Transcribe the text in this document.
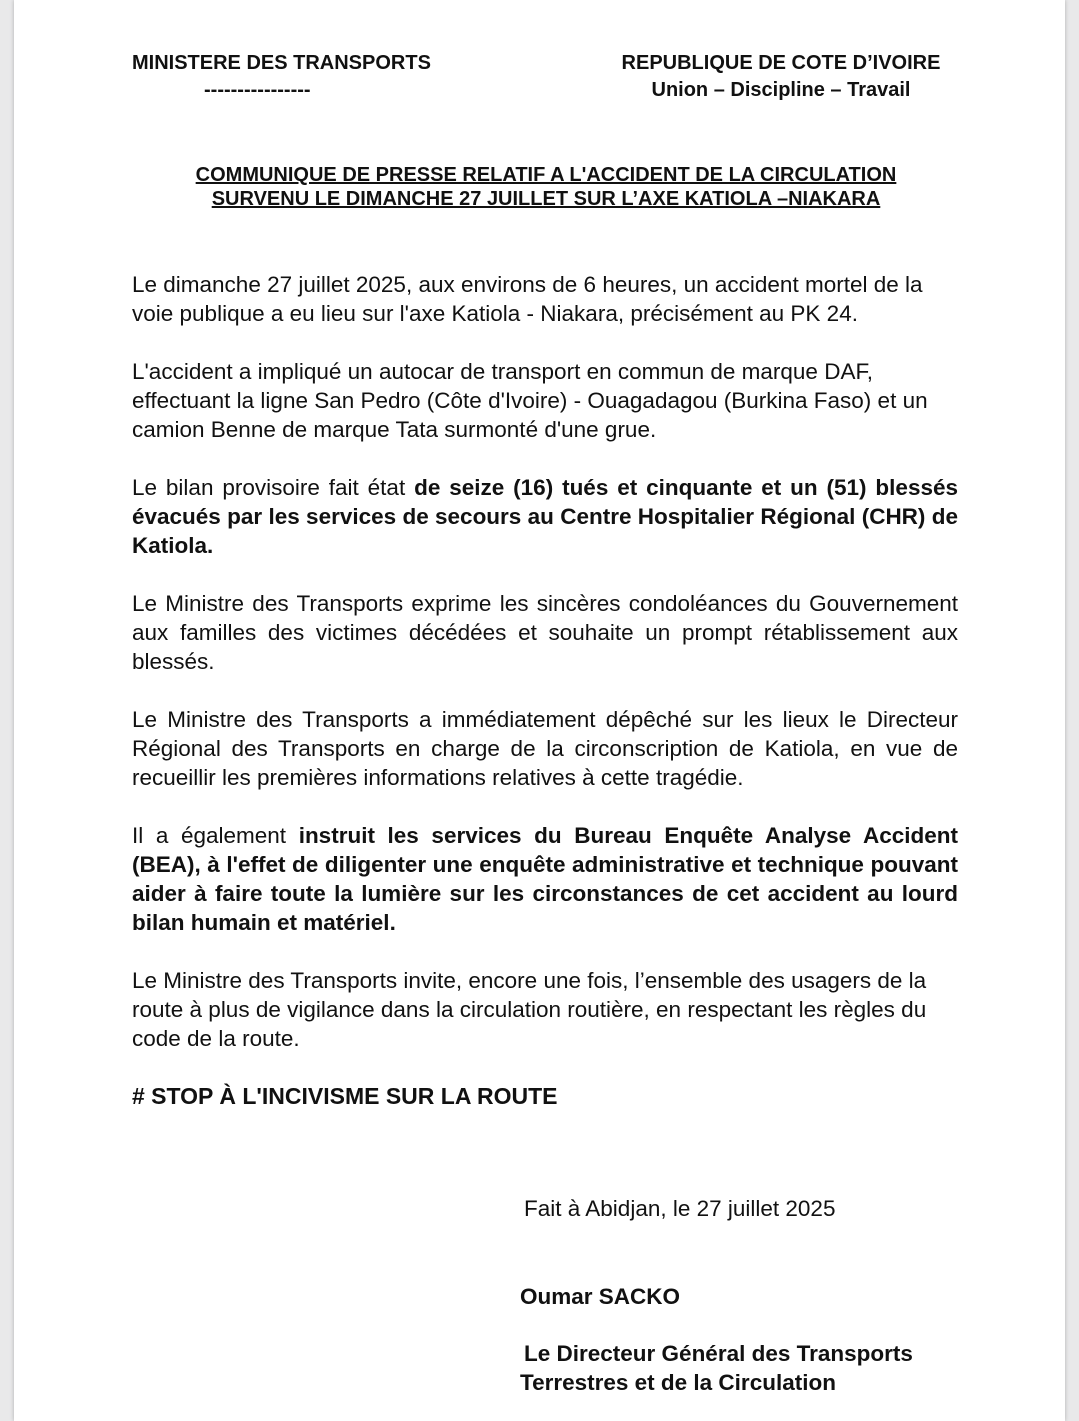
MINISTERE DES TRANSPORTS
----------------
REPUBLIQUE DE COTE D’IVOIRE
Union – Discipline – Travail
COMMUNIQUE DE PRESSE RELATIF A L'ACCIDENT DE LA CIRCULATION
SURVENU LE DIMANCHE 27 JUILLET SUR L’AXE KATIOLA –NIAKARA

Le dimanche 27 juillet 2025, aux environs de 6 heures, un accident mortel de la voie publique a eu lieu sur l'axe Katiola - Niakara, précisément au PK 24.

L'accident a impliqué un autocar de transport en commun de marque DAF, effectuant la ligne San Pedro (Côte d'Ivoire) - Ouagadagou (Burkina Faso) et un camion Benne de marque Tata surmonté d'une grue.

Le bilan provisoire fait état de seize (16) tués et cinquante et un (51) blessés évacués par les services de secours au Centre Hospitalier Régional (CHR) de Katiola.

Le Ministre des Transports exprime les sincères condoléances du Gouvernement aux familles des victimes décédées et souhaite un prompt rétablissement aux blessés.

Le Ministre des Transports a immédiatement dépêché sur les lieux le Directeur Régional des Transports en charge de la circonscription de Katiola, en vue de recueillir les premières informations relatives à cette tragédie.

Il a également instruit les services du Bureau Enquête Analyse Accident (BEA), à l'effet de diligenter une enquête administrative et technique pouvant aider à faire toute la lumière sur les circonstances de cet accident au lourd bilan humain et matériel.

Le Ministre des Transports invite, encore une fois, l’ensemble des usagers de la route à plus de vigilance dans la circulation routière, en respectant les règles du code de la route.

# STOP À L'INCIVISME SUR LA ROUTE

Fait à Abidjan, le 27 juillet 2025
Oumar SACKO
Le Directeur Général des Transports
Terrestres et de la Circulation
